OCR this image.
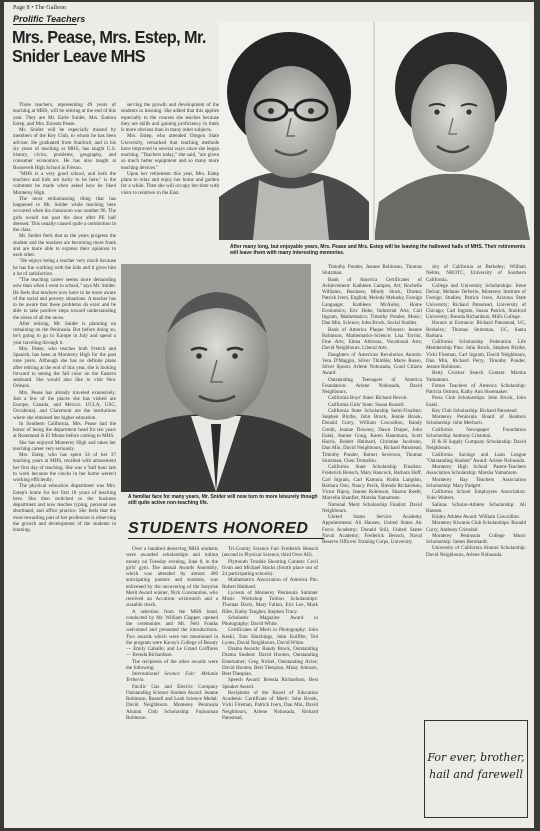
Page 8 • The Galleon
Prolific Teachers
Mrs. Pease, Mrs. Estep, Mr. Snider Leave MHS
After many long, but enjoyable years, Mrs. Pease and Mrs. Estep will be leaving the hallowed halls of MHS. Their retirements will leave them with many interesting memories.
A familiar face for many years, Mr. Snider will now turn to more leisurely though still quite active non-teaching life.

Three teachers, representing 49 years of teaching at MHS, will be retiring at the end of this year. They are Mr. Earle Snider, Mrs. Eudora Estep, and Mrs. Ernesta Pease.

Mr. Snider will be especially missed by members of the Key Club, to whom he has been advisor. He graduated from Stanford, and in his six years of teaching at MHS, has taught U.S. history, civics, problems, geography, and consumer economics. He has also taught at Roosevelt High School in Fresno.

"MHS is a very good school, and both the teachers and kids are lucky to be here," is the comment he made when asked how he liked Monterey High.

The most embarrassing thing that has happened to Mr. Snider while teaching here occurred when his classroom was number 96. The girls would run past the door after PE half dressed. This usually caused quite a commotion in the class.

Mr. Snider feels that as the years progress the student and the teachers are becoming more frank and are more able to express their opinions to each other.

"He enjoys being a teacher very much because he has fun working with the kids and it gives him a lot of satisfaction.

"The teaching career seems more demanding now than when I went to school," says Mr. Snider. He feels that teachers now have to be more aware of the racial and poverty situations. A teacher has to be aware that these problems do exist and be able to take positive steps toward understanding the stress of all the races.

After retiring, Mr. Snider is planning on remaining on the Peninsula. But before doing so, he's going to go to Europe in July and spend a year traveling through it.

Mrs. Pease, who teaches both French and Spanish, has been at Monterey High for the past nine years. Although she has no definite plans after retiring at the end of this year, she is looking forward to seeing the fall color on the Eastern seaboard. She would also like to visit New Orleans.

Mrs. Pease has already traveled extensively. Just a few of the places she has visited are Europe, Canada, and Mexico. UCLA, USC, Occidental, and Claremont are the institutions where she obtained her higher education.

In Southern California, Mrs. Pease had the honor of being the department head for ten years at Rosemead in El Monte before coming to MHS.

She has enjoyed Monterey High and takes her teaching career very seriously.

Mrs. Estep, who has spent 34 of her 37 teaching years at MHS, recalled with amusement her first day of teaching. She was a 'half hour late to work because the clocks in her home weren't working efficiently.

The physical education department was Mrs. Estep's home for her first 18 years of teaching here. She then switched to the business department and now teaches typing, personal use shorthand, and office practice. She feels that the most rewarding part of her profession is observing the growth and development of the students in learning.

serving the growth and development of the students in learning. She added that this applies especially to the courses she teaches because they are skills and gaining proficiency in them is more obvious than in many other subjects.

Mrs. Estep, who attended Oregon State University, remarked that teaching methods have improved in several ways since she began teaching. "Teachers today," she said, "are given so much better equipment and so many more teaching devices."

Upon her retirement this year, Mrs. Estep plans to relax and enjoy her home and garden for a while. Then she will occupy her time with visits to relatives in the East.

STUDENTS HONORED

Over a hundred deserving MHS students were awarded scholarships and tuition money on Tuesday evening, June 8, in the girls' gym. The annual Awards Assembly, which was attended by almost 400 anticipating parents and students, was enlivened by the uncovering of the Surprise Merit Award winner, Nick Constantine, who received an Accutron wristwatch and a sizeable check.

A selection from the MHS band, conducted by Mr. William Clapper, opened the ceremonies and Mr. Neil Franks welcomed and presented the introductions. Two awards which were not mentioned in the program were Kacey's College of Beauty — Emily Caballo; and Le Grand Coiffures — Brenda Richardson.

The recipients of the other awards were the following:

International Science Fair: Melanie Terberio.

Pacific Gas and Electric Company Outstanding Science Student Award: Jeanne Robinson, Russell and Leah Science Medal: David Neighbours. Monterey Peninsula Alumni Club Scholarship: Fujinoman Robinson.

Tri-County Science Fair Frederick Bensch (second in Physical Science, third Over All).

Plymouth Trouble Shooting Contest: Cecil Irvan and Michael Stacks (fourth place out of 24 participating schools).

Mathematics Association of America Pin: Robert Hubbard.

Lyceum of Monterey Peninsula Summer Music Workshop Tuition Scholarships: Thomas Davis, Mary Fallon, Eric Lee, Mark Riles, Kathy Taugher, Stephen Tracy.

Scholastic Magazine Award in Photography: David White.

Certificates of Merit in Photography: John Keski, Tom Hutchings, John Kniffler, Ted Lyons, David Neighbours, David White.

Drama Awards: Randy Brock, Outstanding Drama Student: David Hooten, Outstanding Entertainer; Greg Nickel, Outstanding Actor; David Hooten; Best Thespian, Missy Johnson, Best Thespian.

Speech Award: Brenda Richardson, Best Speaker Award.

Recipients of the Board of Education Academic Certificate of Merit: John Brook, Vicki Fireman, Patrick Ivers, Dan Min, David Neighbours, Arlene Nobusada, Richard Patostead,

Timothy Ponder, Jeanne Robinson, Thomas Stutzman.

Bank of America Certificates of Achievement: Kathleen Campos, Art; Rochelle Williams, Business; Mindy Stock, Drama; Patrick Ivers, English; Melody Melusky, Foreign Language; Kathleen McAuley, Home Economics; Eric Hoke, Industrial Arts; Carl Ingram, Mathematics; Timothy Ponder, Music; Dan Min, Science; John Brock, Social Studies.

Bank of America Plaque Winners: Jeanne Robinson, Mathematics-Science; Lisa Torrini, Fine Arts; Elena Abitoras, Vocational Arts; David Neighbours, Liberal Arts.

Daughters of American Revolution Awards: Vera D'Maggio, Silver Thimble; Marie Russo, Silver Spoon; Arlene Nobusada, Good Citizen Award.

Outstanding Teenagers of America Foundation: Arlene Nobusada, David Neighbours.

California Boys' State: Richard Revoir.

California Girls' State: Susan Russell.

California State Scholarship Semi-Finalists: Stephen Blythe, John Brock, Jennie Brook, Donald Curry, William Coscoillon, Randy Credit, Jeanne Downey, Dawn Draper, John Esaki, Jeanne Gong, Karen Hanemura, Scott Harris, Robert Hubbard, Christine Jacobson, Dan Min, David Neighbours, Richard Patostead, Timothy Ponder, Robert Severson, Thomas Stutzman, Chen Tremelito.

California State Scholarship Finalists: Frederick Bensch, Mary Hancock, Barbara Hoff, Carl Ingram, Carl Kamura, Robin Langdon, Barbara Ono, Nancy Pecik, Brenda Richardson, Victor Ripoy, Jeanne Robinson, Sharon Roebl, Marcella Shanfier, Marsha Yamamoto.

National Merit Scholarship Finalist: David Neighbours.

United States Service Academy Appointments: Ali Hansen, United States Air Force Academy; Donald Still, United States Naval Academy; Frederick Bensch, Naval Reserve Officers Training Corps, University

sity of California at Berkeley; William Nelms, NROTC, University of Southern California.

College and University Scholarships: Irene Dolcar, Melanie Terberio, Monterey Institute of Foreign Studies; Patrick Ivers, Arizona State University; Richard Patostead, University of Chicago; Carl Ingram, Susan Patrick, Stanford University; Brenda Richardson, Mills College.

Honors at Entrance: Richard Patostead, UC, Berkeley; Thomas Stutzman, UC, Santa Barbara.

California Scholarship Federation Life Membership Pins: John Brock, Stephen Blythe, Vicki Fireman, Carl Ingram, David Neighbours, Dan Min, Richard Perry, Timothy Ponder, Jeanne Robinson.

Betty Crocker Search Contest: Marsha Yamamoto.

Future Teachers of America Scholarship: Patricia Ostrom, Kathy Ann Shoemaker.

Press Club Scholarships: John Brock, John Esaki.

Key Club Scholarship: Richard Patostead.

Monterey Peninsula Board of Realtors Scholarship: John Merbach.

California Newspaper Foundation Scholarship: Anthony Cristobal.

H & H Supply Company Scholarship: David Neighbours.

California Savings and Loan League "Outstanding Student" Award: Arlene Nobusada.

Monterey High School Parent-Teachers Association Scholarship: Marsha Yamamoto.

Monterey Bay Teachers Association Scholarship: Mary Padgett.

California School Employees Association: Yoko Walters.

Salinas Scholar-Athlete Scholarship: Ali Hansen.

Kinley Athlete Award: William Coscoillon.

Monterey Kiwanis Club Scholarships: Ronald Curry, Anthony Cristobal.

Monterey Peninsula College Music Scholarship: James Bernhardt.

University of California Alumni Scholarship: David Neighbours, Arlene Nobusada.

For ever, brother,
hail and farewell
